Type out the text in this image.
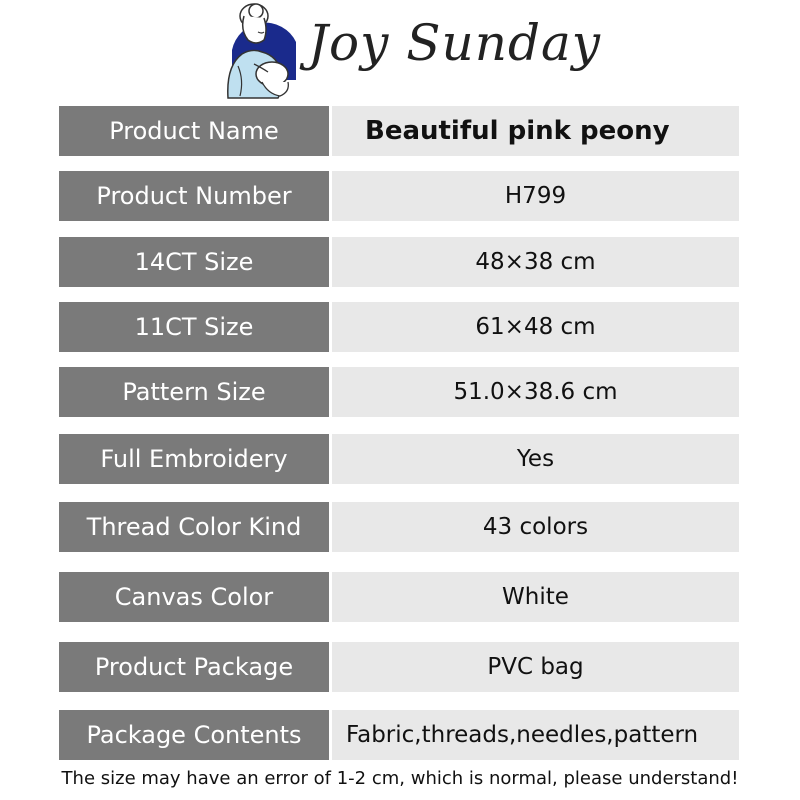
Joy Sunday
Product Name	Beautiful pink peony
Product Number	H799
14CT Size	48×38 cm
11CT Size	61×48 cm
Pattern Size	51.0×38.6 cm
Full Embroidery	Yes
Thread Color Kind	43 colors
Canvas Color	White
Product Package	PVC bag
Package Contents	Fabric,threads,needles,pattern
The size may have an error of 1-2 cm, which is normal, please understand!
